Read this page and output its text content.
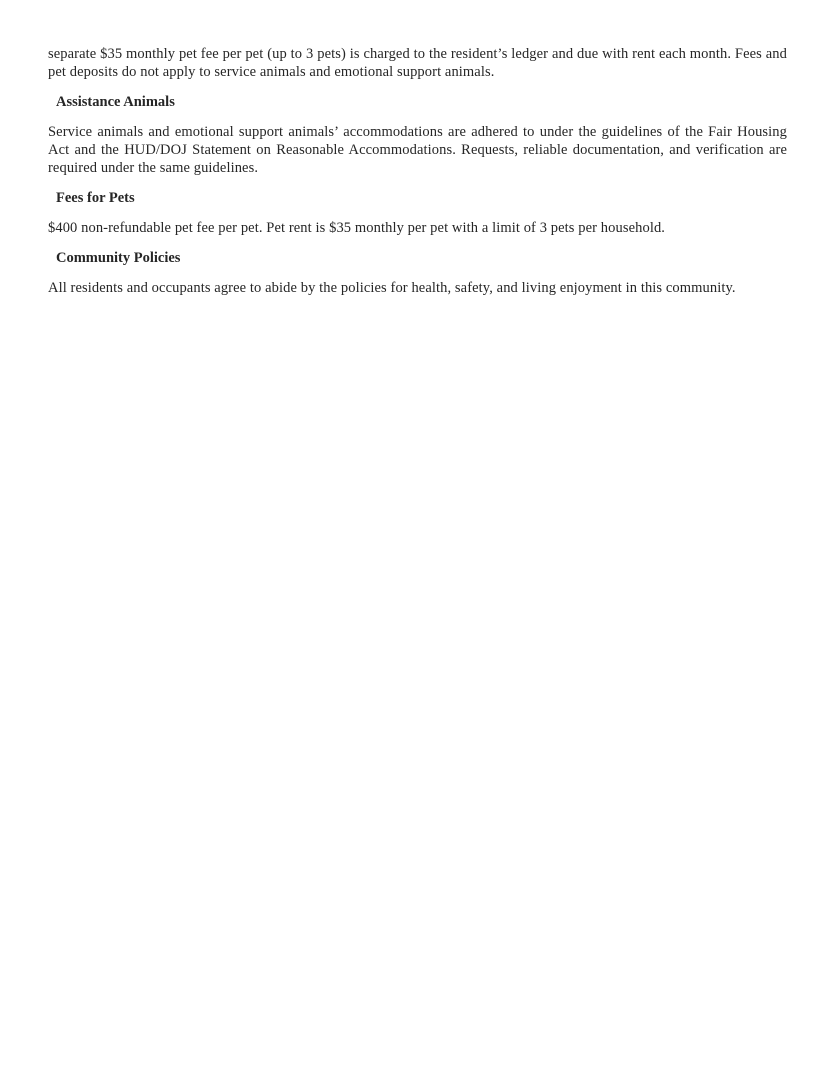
separate $35 monthly pet fee per pet (up to 3 pets) is charged to the resident’s ledger and due with rent each month. Fees and pet deposits do not apply to service animals and emotional support animals.

Assistance Animals

Service animals and emotional support animals’ accommodations are adhered to under the guidelines of the Fair Housing Act and the HUD/DOJ Statement on Reasonable Accommodations. Requests, reliable documentation, and verification are required under the same guidelines.

Fees for Pets

$400 non-refundable pet fee per pet. Pet rent is $35 monthly per pet with a limit of 3 pets per household.

Community Policies

All residents and occupants agree to abide by the policies for health, safety, and living enjoyment in this community.
